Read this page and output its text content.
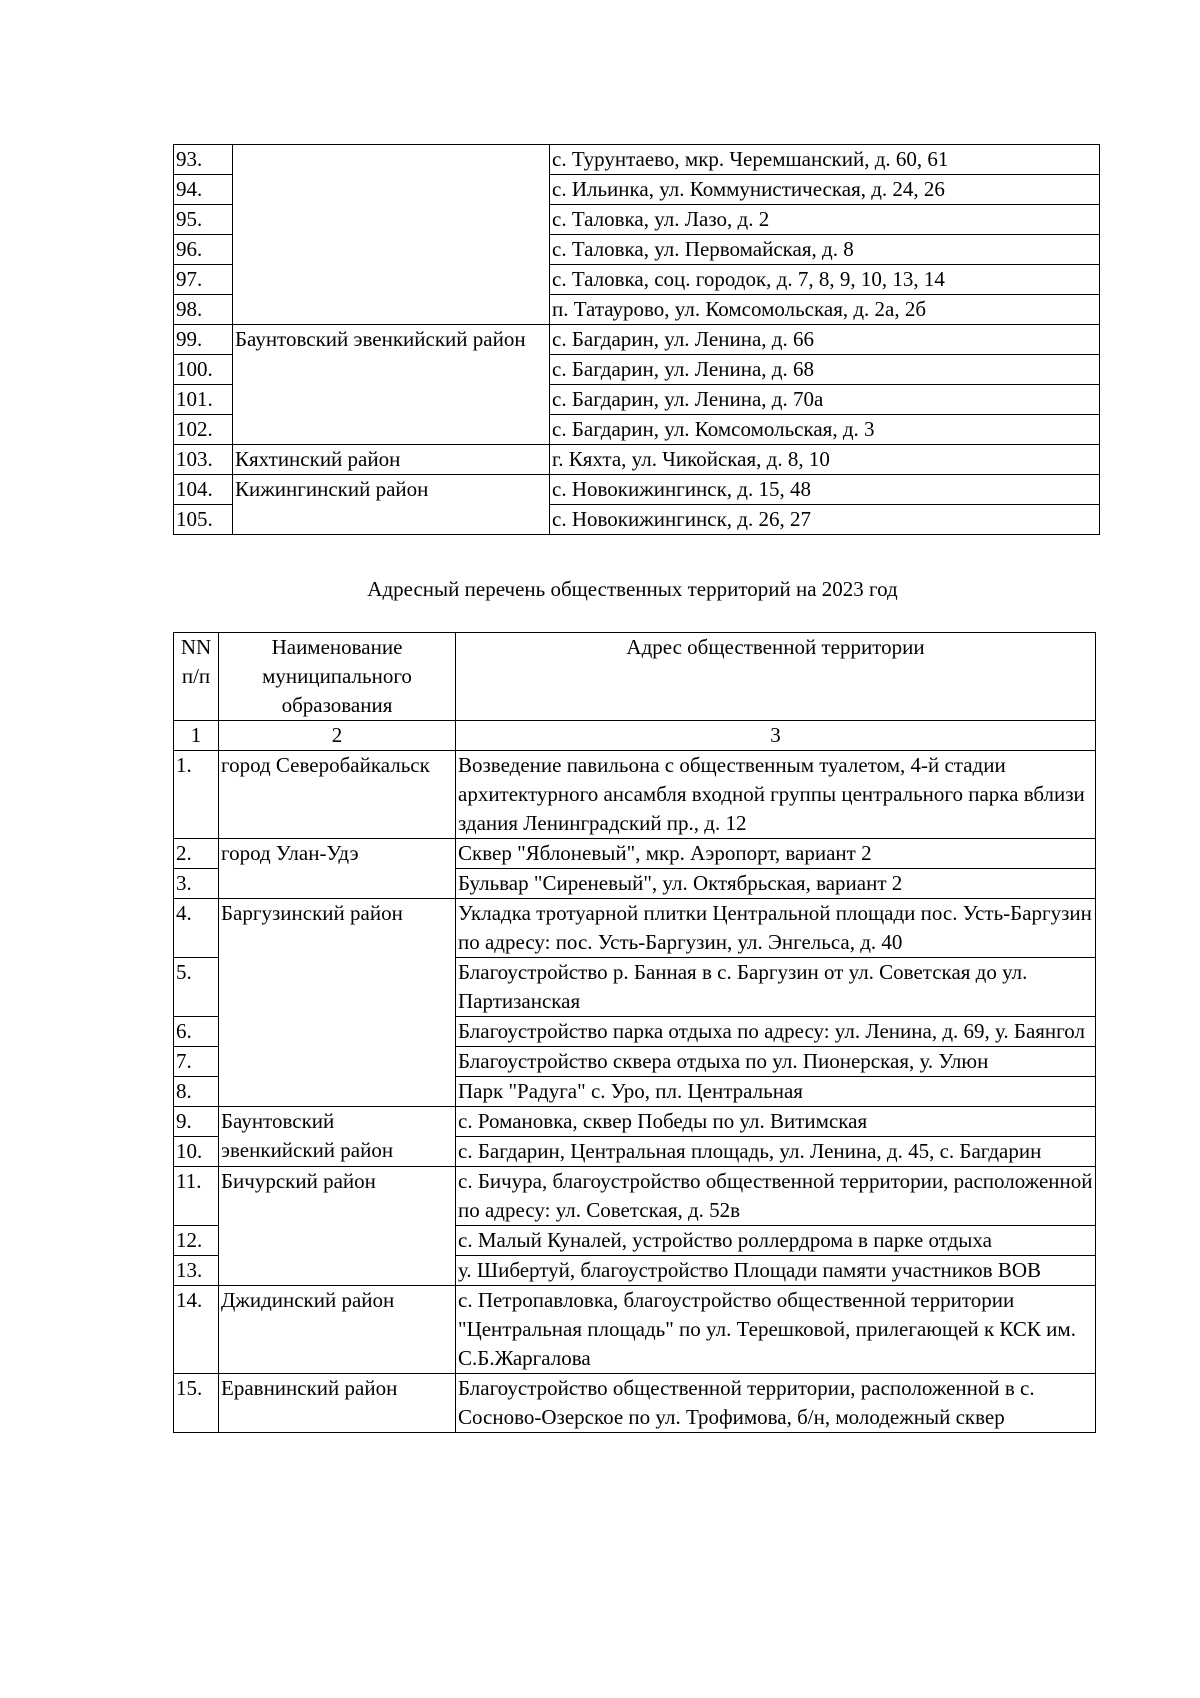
93.		с. Турунтаево, мкр. Черемшанский, д. 60, 61
94.		с. Ильинка, ул. Коммунистическая, д. 24, 26
95.		с. Таловка, ул. Лазо, д. 2
96.		с. Таловка, ул. Первомайская, д. 8
97.		с. Таловка, соц. городок, д. 7, 8, 9, 10, 13, 14
98.		п. Татаурово, ул. Комсомольская, д. 2а, 2б
99.	Баунтовский эвенкийский район	с. Багдарин, ул. Ленина, д. 66
100.		с. Багдарин, ул. Ленина, д. 68
101.		с. Багдарин, ул. Ленина, д. 70а
102.		с. Багдарин, ул. Комсомольская, д. 3
103.	Кяхтинский район	г. Кяхта, ул. Чикойская, д. 8, 10
104.	Кижингинский район	с. Новокижингинск, д. 15, 48
105.		с. Новокижингинск, д. 26, 27
Адресный перечень общественных территорий на 2023 год
NN п/п	Наименование муниципального образования	Адрес общественной территории
1	2	3
1.	город Северобайкальск	Возведение павильона с общественным туалетом, 4-й стадии архитектурного ансамбля входной группы центрального парка вблизи здания Ленинградский пр., д. 12
2.	город Улан-Удэ	Сквер "Яблоневый", мкр. Аэропорт, вариант 2
3.		Бульвар "Сиреневый", ул. Октябрьская, вариант 2
4.	Баргузинский район	Укладка тротуарной плитки Центральной площади пос. Усть-Баргузин по адресу: пос. Усть-Баргузин, ул. Энгельса, д. 40
5.		Благоустройство р. Банная в с. Баргузин от ул. Советская до ул. Партизанская
6.		Благоустройство парка отдыха по адресу: ул. Ленина, д. 69, у. Баянгол
7.		Благоустройство сквера отдыха по ул. Пионерская, у. Улюн
8.		Парк "Радуга" с. Уро, пл. Центральная
9.	Баунтовский эвенкийский район	с. Романовка, сквер Победы по ул. Витимская
10.		с. Багдарин, Центральная площадь, ул. Ленина, д. 45, с. Багдарин
11.	Бичурский район	с. Бичура, благоустройство общественной территории, расположенной по адресу: ул. Советская, д. 52в
12.		с. Малый Куналей, устройство роллердрома в парке отдыха
13.		у. Шибертуй, благоустройство Площади памяти участников ВОВ
14.	Джидинский район	с. Петропавловка, благоустройство общественной территории "Центральная площадь" по ул. Терешковой, прилегающей к КСК им. С.Б.Жаргалова
15.	Еравнинский район	Благоустройство общественной территории, расположенной в с. Сосново-Озерское по ул. Трофимова, б/н, молодежный сквер
